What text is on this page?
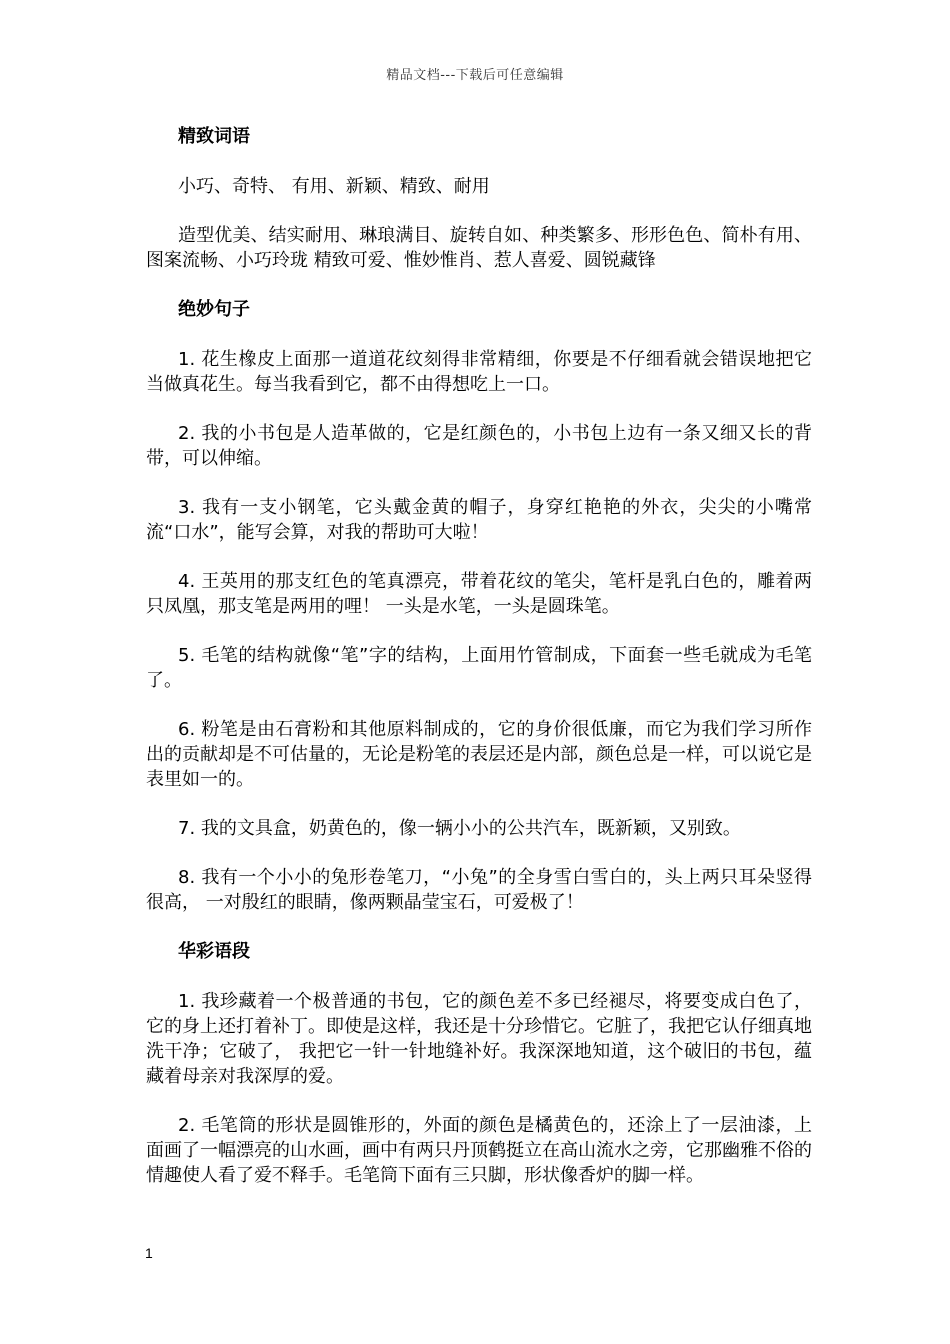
精品文档---下载后可任意编辑
精致词语

小巧、奇特、 有用、新颖、精致、耐用

造型优美、结实耐用、琳琅满目、旋转自如、种类繁多、形形色色、简朴有用、图案流畅、小巧玲珑 精致可爱、惟妙惟肖、惹人喜爱、圆锐藏锋

绝妙句子

1. 花生橡皮上面那一道道花纹刻得非常精细，你要是不仔细看就会错误地把它当做真花生。每当我看到它，都不由得想吃上一口。

2. 我的小书包是人造革做的，它是红颜色的，小书包上边有一条又细又长的背带，可以伸缩。

3. 我有一支小钢笔，它头戴金黄的帽子，身穿红艳艳的外衣，尖尖的小嘴常流“口水”，能写会算，对我的帮助可大啦！

4. 王英用的那支红色的笔真漂亮，带着花纹的笔尖，笔杆是乳白色的，雕着两只凤凰，那支笔是两用的哩！ 一头是水笔，一头是圆珠笔。

5. 毛笔的结构就像“笔”字的结构，上面用竹管制成，下面套一些毛就成为毛笔了。

6. 粉笔是由石膏粉和其他原料制成的，它的身价很低廉，而它为我们学习所作出的贡献却是不可估量的，无论是粉笔的表层还是内部，颜色总是一样，可以说它是表里如一的。

7. 我的文具盒，奶黄色的，像一辆小小的公共汽车，既新颖，又别致。

8. 我有一个小小的兔形卷笔刀，“小兔”的全身雪白雪白的，头上两只耳朵竖得很高， 一对殷红的眼睛，像两颗晶莹宝石，可爱极了！

华彩语段

1. 我珍藏着一个极普通的书包，它的颜色差不多已经褪尽，将要变成白色了，它的身上还打着补丁。即使是这样，我还是十分珍惜它。它脏了，我把它认仔细真地洗干净；它破了， 我把它一针一针地缝补好。我深深地知道，这个破旧的书包，蕴藏着母亲对我深厚的爱。

2. 毛笔筒的形状是圆锥形的，外面的颜色是橘黄色的，还涂上了一层油漆，上面画了一幅漂亮的山水画，画中有两只丹顶鹤挺立在高山流水之旁，它那幽雅不俗的情趣使人看了爱不释手。毛笔筒下面有三只脚，形状像香炉的脚一样。

1
